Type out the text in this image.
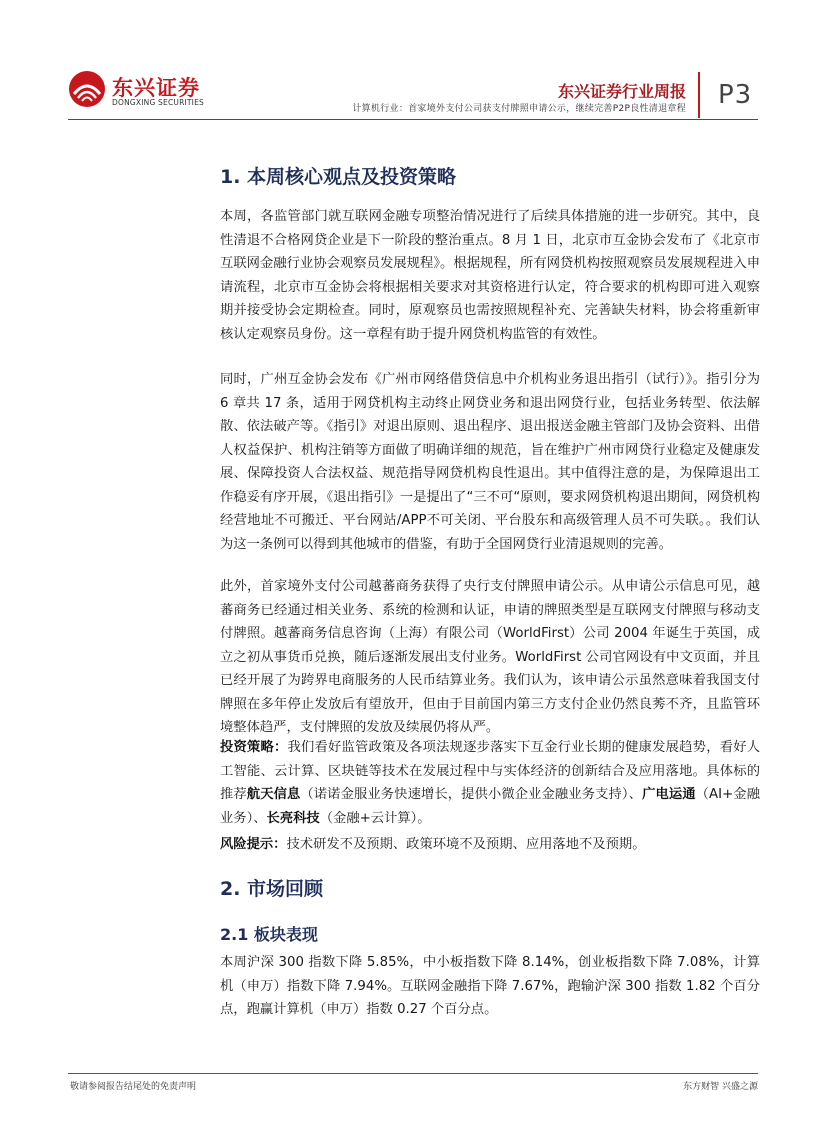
东兴证券
DONGXING SECURITIES
东兴证券行业周报
计算机行业：首家境外支付公司获支付牌照申请公示，继续完善P2P良性清退章程 P3
1. 本周核心观点及投资策略

本周，各监管部门就互联网金融专项整治情况进行了后续具体措施的进一步研究。其中，良性清退不合格网贷企业是下一阶段的整治重点。8 月 1 日，北京市互金协会发布了《北京市互联网金融行业协会观察员发展规程》。根据规程，所有网贷机构按照观察员发展规程进入申请流程，北京市互金协会将根据相关要求对其资格进行认定，符合要求的机构即可进入观察期并接受协会定期检查。同时，原观察员也需按照规程补充、完善缺失材料，协会将重新审核认定观察员身份。这一章程有助于提升网贷机构监管的有效性。

同时，广州互金协会发布《广州市网络借贷信息中介机构业务退出指引（试行）》。指引分为 6 章共 17 条，适用于网贷机构主动终止网贷业务和退出网贷行业，包括业务转型、依法解散、依法破产等。《指引》对退出原则、退出程序、退出报送金融主管部门及协会资料、出借人权益保护、机构注销等方面做了明确详细的规范，旨在维护广州市网贷行业稳定及健康发展、保障投资人合法权益、规范指导网贷机构良性退出。其中值得注意的是，为保障退出工作稳妥有序开展，《退出指引》一是提出了“三不可“原则，要求网贷机构退出期间，网贷机构经营地址不可搬迁、平台网站/APP不可关闭、平台股东和高级管理人员不可失联。。我们认为这一条例可以得到其他城市的借鉴，有助于全国网贷行业清退规则的完善。

此外，首家境外支付公司越蕃商务获得了央行支付牌照申请公示。从申请公示信息可见，越蕃商务已经通过相关业务、系统的检测和认证，申请的牌照类型是互联网支付牌照与移动支付牌照。越蕃商务信息咨询（上海）有限公司（WorldFirst）公司 2004 年诞生于英国，成立之初从事货币兑换，随后逐渐发展出支付业务。WorldFirst 公司官网设有中文页面，并且已经开展了为跨界电商服务的人民币结算业务。我们认为，该申请公示虽然意味着我国支付牌照在多年停止发放后有望放开，但由于目前国内第三方支付企业仍然良莠不齐，且监管环境整体趋严，支付牌照的发放及续展仍将从严。

投资策略：我们看好监管政策及各项法规逐步落实下互金行业长期的健康发展趋势，看好人工智能、云计算、区块链等技术在发展过程中与实体经济的创新结合及应用落地。具体标的推荐航天信息（诺诺金服业务快速增长，提供小微企业金融业务支持）、广电运通（AI+金融业务）、长亮科技（金融+云计算）。

风险提示：技术研发不及预期、政策环境不及预期、应用落地不及预期。

2. 市场回顾
2.1 板块表现

本周沪深 300 指数下降 5.85%，中小板指数下降 8.14%，创业板指数下降 7.08%，计算机（申万）指数下降 7.94%。互联网金融指下降 7.67%，跑输沪深 300 指数 1.82 个百分点，跑赢计算机（申万）指数 0.27 个百分点。

敬请参阅报告结尾处的免责声明	东方财智 兴盛之源
